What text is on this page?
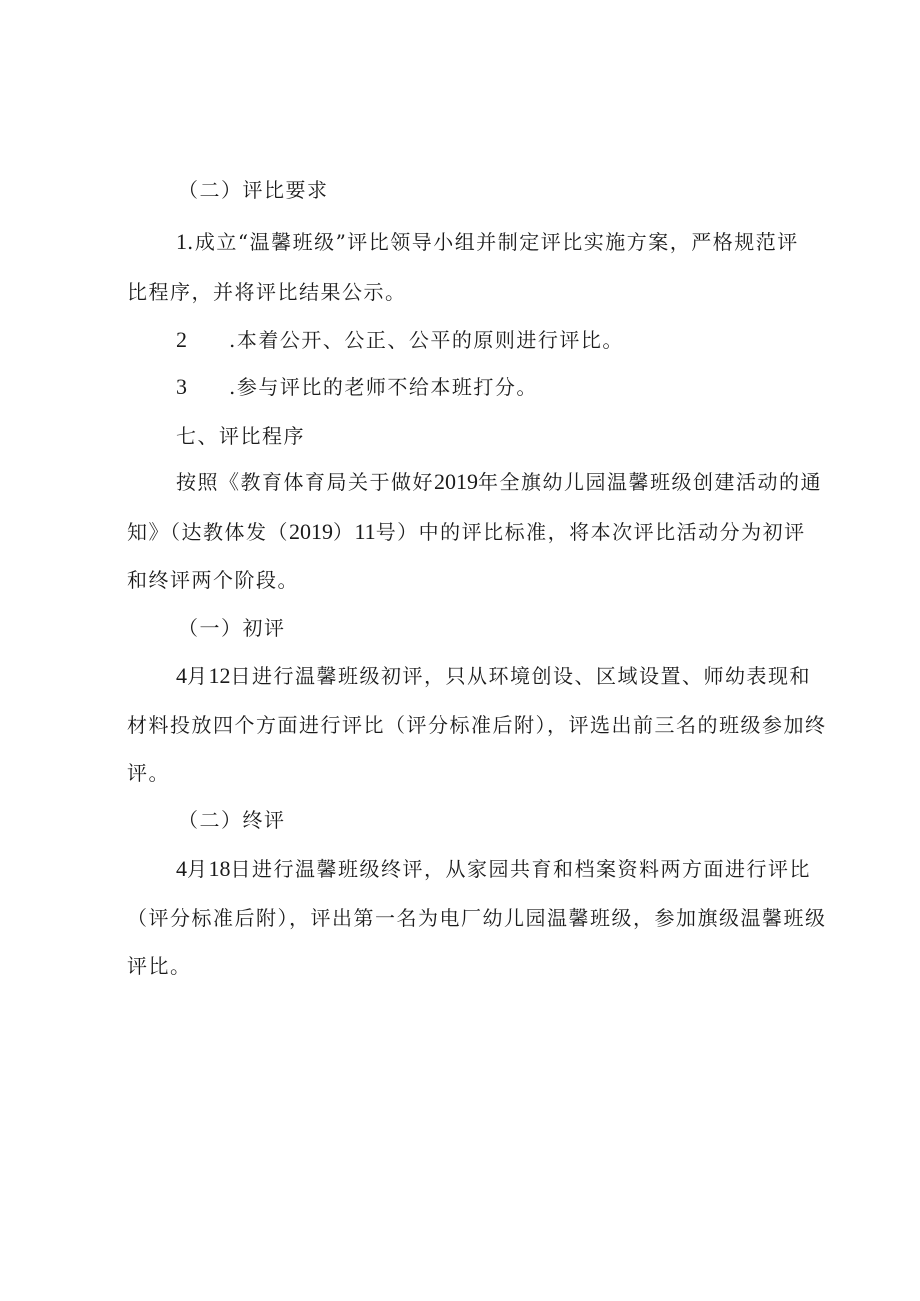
（二）评比要求
1.成立“温馨班级”评比领导小组并制定评比实施方案，严格规范评
比程序，并将评比结果公示。
2 .本着公开、公正、公平的原则进行评比。
3 .参与评比的老师不给本班打分。
七、评比程序
按照《教育体育局关于做好2019年全旗幼儿园温馨班级创建活动的通
知》（达教体发（2019）11号）中的评比标准，将本次评比活动分为初评
和终评两个阶段。
（一）初评
4月12日进行温馨班级初评，只从环境创设、区域设置、师幼表现和
材料投放四个方面进行评比（评分标准后附），评选出前三名的班级参加终
评。
（二）终评
4月18日进行温馨班级终评，从家园共育和档案资料两方面进行评比
（评分标准后附），评出第一名为电厂幼儿园温馨班级，参加旗级温馨班级
评比。
